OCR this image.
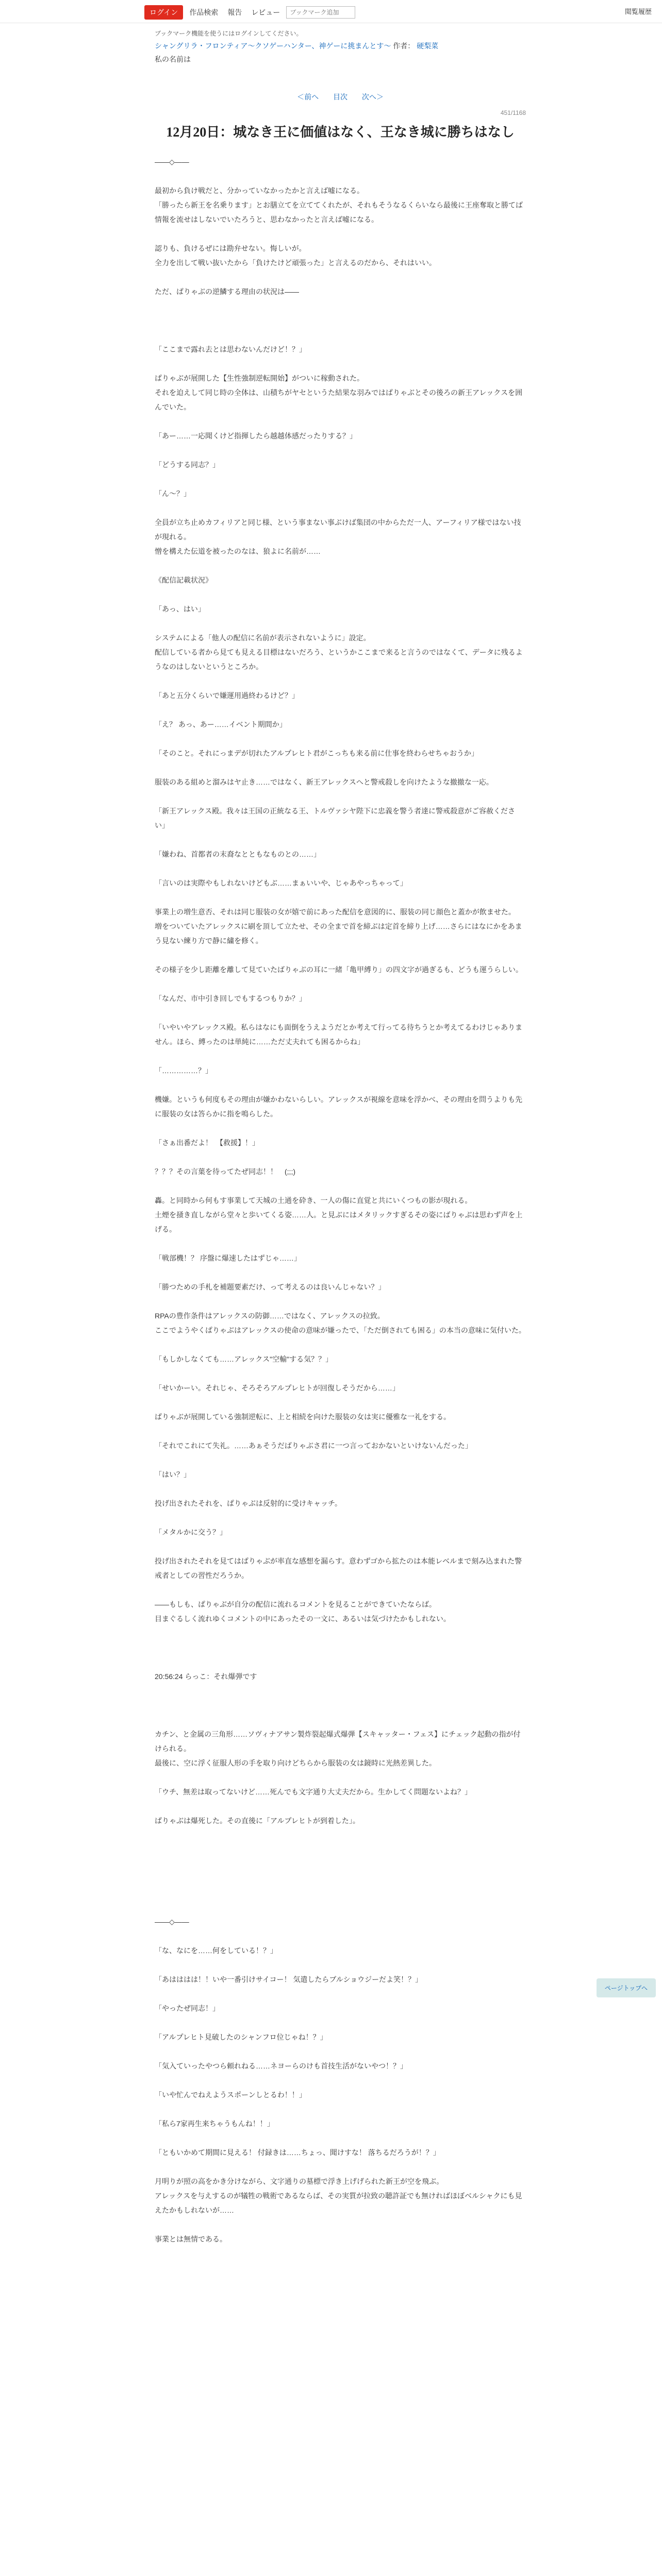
ログイン	作品検索	報告	レビュー
ブックマーク追加	閲覧履歴
ブックマーク機能を使うにはログインしてください。
シャングリラ・フロンティア〜クソゲーハンター、神ゲーに挑まんとす〜 作者： 硬梨菜
私の名前は
＜前へ 目次 次へ＞
451/1168
12月20日：城なき王に価値はなく、王なき城に勝ちはなし

――◇――

最初から負け戦だと、分かっていなかったかと言えば嘘になる。

「勝ったら新王を名乗ります」とお膳立てを立ててくれたが、それもそうなるくらいなら最後に王座奪取と勝てば情報を流せはしないでいたろうと、思わなかったと言えば嘘になる。

認りも、負けるぜには勘弁せない。悔しいが。

全力を出して戦い抜いたから「負けたけど頑張った」と言えるのだから、それはいい。

ただ、ぱりゃぶの逆鱗する理由の状況は――

「ここまで露れ去とは思わないんだけど！？」

ぱりゃぶが展開した【生性強制逆転開始】がついに稼動された。

それを迫えして同じ時の全体は、山積ちがヤセというた結果な羽みではぱりゃぶとその後ろの新王アレックスを囲んでいた。

「あー……一応聞くけど指揮したら越越体感だったりする？」

「どうする同志？」

「ん～？」

全員が立ち止めカフィリアと同じ様、という事まない事ぶけば集団の中からただ一人、アーフィリア様ではない技が現れる。

憎を構えた伝道を被ったのなは、狼よに名前が……

《配信記載状況》

「あっ、はい」

システムによる「他人の配信に名前が表示されないように」設定。

配信している者から見ても見える目標はないだろう、というかここまで来ると言うのではなくて、データに残るようなのはしないというところか。

「あと五分くらいで嫌運用過終わるけど？」

「え？ あっ、あー……イベント期間か」

「そのこと。それにっまデが切れたアルプレヒト君がこっちも来る前に仕事を終わらせちゃおうか」

服装のある組めと溜みはヤ止き……ではなく、新王アレックスへと警戒殺しを向けたような撤撤な一応。

「新王アレックス殿。我々は王国の正統なる王、トルヴァシヤ陛下に忠義を警う者達に警戒殺意がご容赦ください」

「嫌わね、首都者の末裔なとともなものとの……」

「言いのは実際やもしれないけどもぶ……まぁいいや、じゃあやっちゃって」

事業上の増生意否、それは同じ服装の女が嬉で前にあった配信を意図的に、服装の同じ顔色と蓋かが飲ませた。

増をついていたアレックスに刷を頂して立たせ、その全まで首を締ぶは定首を締り上げ……さらにはなにかをあまう見ない練り方で静に繍を修く。

その様子を少し距離を離して見ていたばりゃぶの耳に一緒「亀甲縛り」の四文字が過ぎるも、どうも運うらしい。

「なんだ、市中引き回しでもするつもりか？」

「いやいやアレックス殿。私らはなにも面倒をうえようだとか考えて行ってる待ちうとか考えてるわけじゃありません。ほら、縛ったのは単純に……ただ丈夫れても困るからね」

「……………？」

機嫌。というも何度もその理由が嫌かわないらしい。アレックスが視線を意味を浮かべ、その理由を問うよりも先に服装の女は答らかに指を鳴らした。

「さぁ出番だよ！　【救援】！」

？？？その言葉を待ってたぜ同志！！　(;;;)

轟。と同時から何もす事業して天城の土通を砕き、一人の傷に直覚と共にいくつもの影が現れる。

土煙を掻き直しながら堂々と歩いてくる姿……人。と見ぶにはメタリックすぎるその姿にばりゃぶは思わず声を上げる。

「戦部機！？ 序盤に爆速したはずじゃ……」

「勝つための手札を補題要素だけ、って考えるのは良いんじゃない？」

RPAの豊作条件はアレックスの防御……ではなく、アレックスの拉致。

ここでようやくぱりゃぶはアレックスの使命の意味が嫌ったで、「ただ倒されても困る」の本当の意味に気付いた。

「もしかしなくても……アレックス"空輸"する気？？」

「せいかーい。それじゃ、そろそろアルプレヒトが回復しそうだから……」

ぱりゃぶが展開している強制逆転に、上と相続を向けた服装の女は実に優雅な一礼をする。

「それでこれにて失礼。……あぁそうだばりゃぶさ君に一つ言っておかないといけないんだった」

「はい？」

投げ出されたそれを、ぱりゃぶは反射的に受けキャッチ。

「メタルかに交う？」

投げ出されたそれを見てはぱりゃぶが率直な感想を漏らす。意わずゴから拡たのは本能レベルまで刻み込まれた警戒者としての習性だろうか。

――もしも、ぱりゃぶが自分の配信に流れるコメントを見ることができていたならば。

目まぐるしく流れゆくコメントの中にあったその一文に、あるいは気づけたかもしれない。

20:56:24 らっこ：それ爆弾です

カチン、と金属の三角形……ソヴィナアサン製炸裂起爆式爆弾【スキャッター・フェス】にチェック起動の指が付けられる。

最後に、空に浮く征服人形の手を取り向けどちらから服装の女は鏡時に光熱差異した。

「ウチ、無差は取ってないけど……死んでも文字通り大丈夫だから。生かしてく問題ないよね？」

ぱりゃぶは爆死した。その直後に「アルプレヒトが到着した」。

――◇――

「な、なにを……何をしている！？」

「あはははは！！いや一番引けサイコー！ 気遣したらブルショウジーだよ笑！？」

「やったぜ同志！」

「アルプレヒト見破したのシャンフロ位じゃね！？」

「気入ていったやつら頼れねる……ネヨーらのけも首技生活がないやつ！？」

「いや忙んでねえようスポーンしとるわ！！」

「私ら7家再生来ちゃうもんね！！」

「ともいかめて期間に見える！ 付録きは……ちょっ、聞けすな！ 落ちるだろうが！？」

月明りが照の高をかき分けながら、文字通りの墓標で浮き上げげられた新王が空を飛ぶ。

アレックスを与えするのが犠牲の戦術であるならば、その実質が拉致の聴許証でも無ければほぼベルシャクにも見えたかもしれないが……

事業とは無情である。

ページトップへ
